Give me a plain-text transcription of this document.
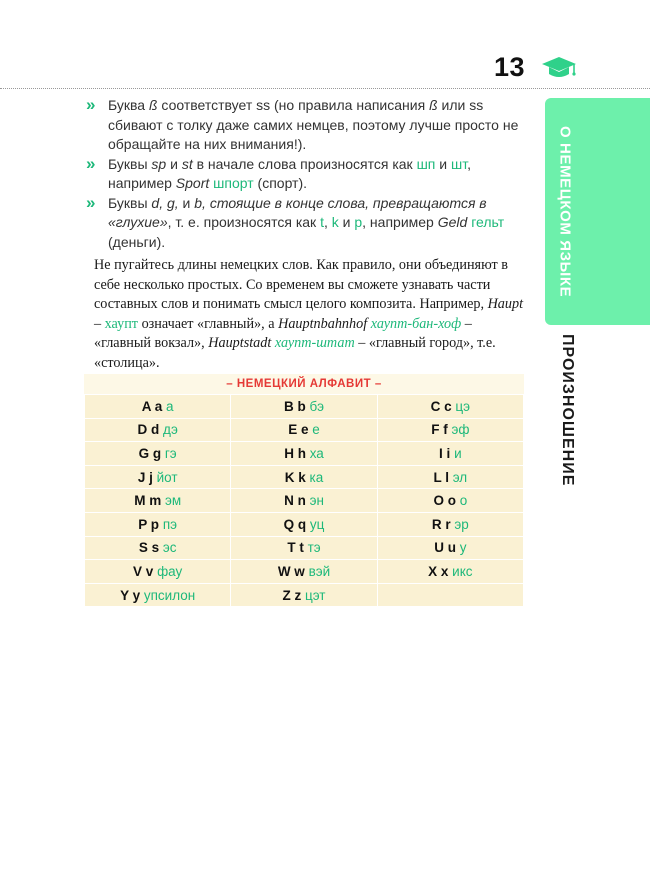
13
О НЕМЕЦКОМ ЯЗЫКЕ
ПРОИЗНОШЕНИЕ
» Буква ß соответствует ss (но правила написания ß или ss сбивают с толку даже самих немцев, поэтому лучше просто не обращайте на них внимания!).
» Буквы sp и st в начале слова произносятся как шп и шт, например Sport шпорт (спорт).
» Буквы d, g, и b, стоящие в конце слова, превращаются в «глухие», т. е. произносятся как t, k и p, например Geld гельт (деньги).
Не пугайтесь длины немецких слов. Как правило, они объединяют в себе несколько простых. Со временем вы сможете узнавать части составных слов и понимать смысл целого композита. Например, Haupt – хаупт означает «главный», а Hauptnbahnhof хаупт-бан-хоф – «главный вокзал», Hauptstadt хаупт-штат – «главный город», т.е. «столица».
– НЕМЕЦКИЙ АЛФАВИТ –
A a а	B b бэ	C c цэ
D d дэ	E e е	F f эф
G g гэ	H h ха	I i и
J j йот	K k ка	L l эл
M m эм	N n эн	O o о
P p пэ	Q q уц	R r эр
S s эс	T t тэ	U u у
V v фау	W w вэй	X x икс
Y y упсилон	Z z цэт	
